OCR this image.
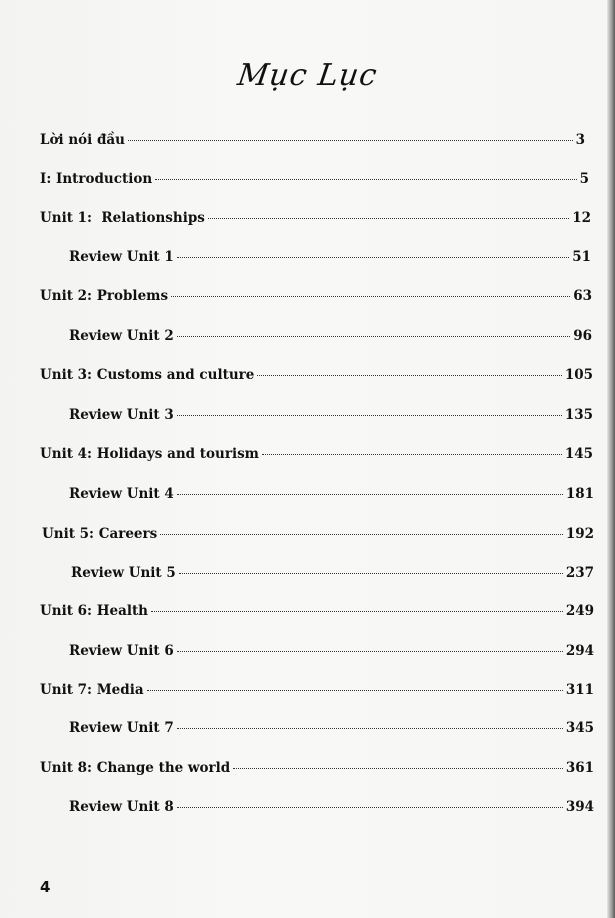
Mục Lục
Lời nói đầu	3
I: Introduction	5
Unit 1:  Relationships	12
Review Unit 1	51
Unit 2: Problems	63
Review Unit 2	96
Unit 3: Customs and culture	105
Review Unit 3	135
Unit 4: Holidays and tourism	145
Review Unit 4	181
Unit 5: Careers	192
Review Unit 5	237
Unit 6: Health	249
Review Unit 6	294
Unit 7: Media	311
Review Unit 7	345
Unit 8: Change the world	361
Review Unit 8	394
4
